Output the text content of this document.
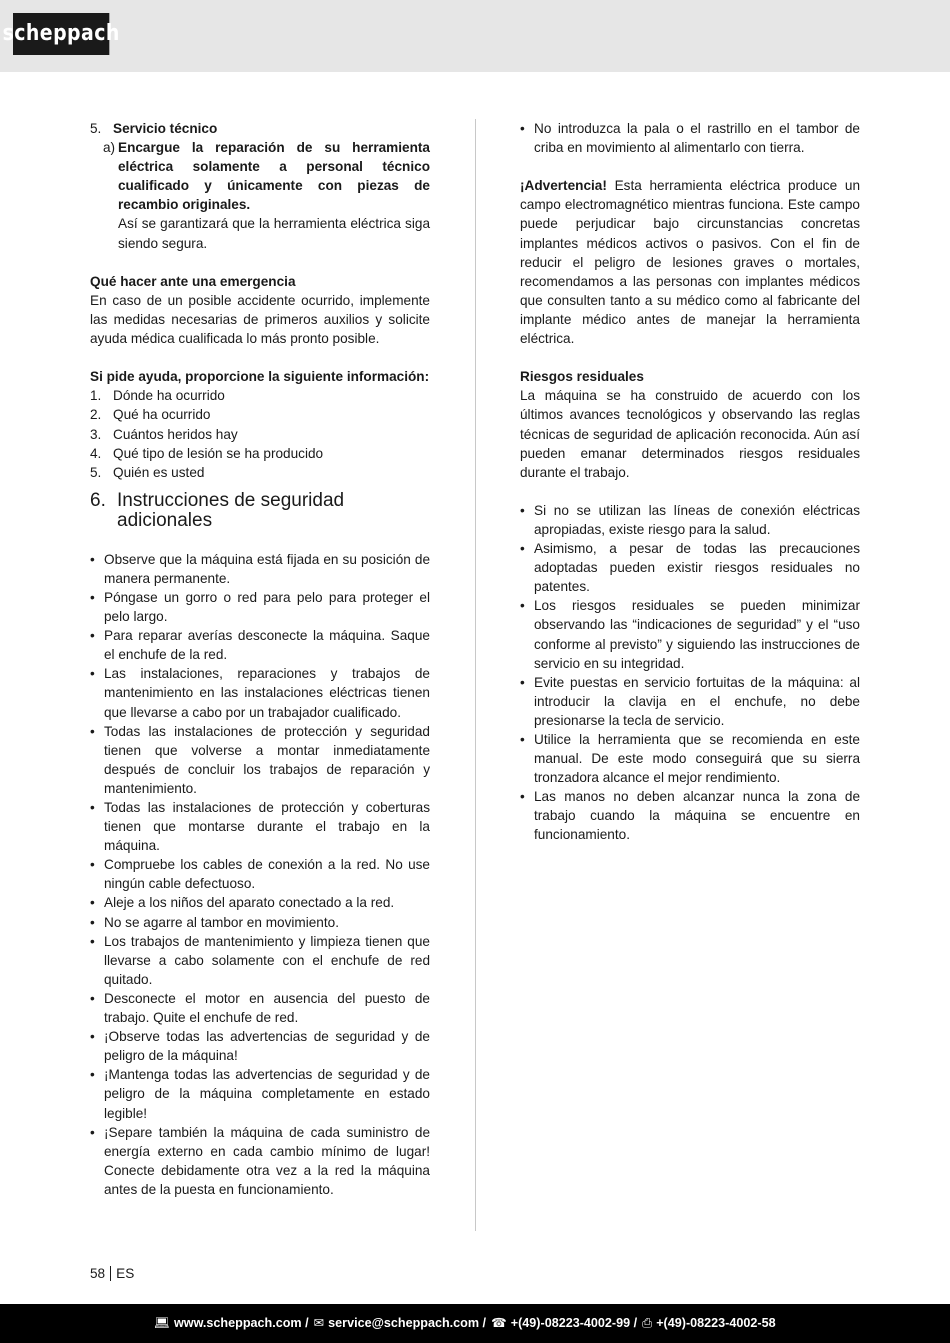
scheppach
5. Servicio técnico
a) Encargue la reparación de su herramienta eléctrica solamente a personal técnico cualificado y únicamente con piezas de recambio originales.

Así se garantizará que la herramienta eléctrica siga siendo segura.

Qué hacer ante una emergencia

En caso de un posible accidente ocurrido, implemente las medidas necesarias de primeros auxilios y solicite ayuda médica cualificada lo más pronto posible.

Si pide ayuda, proporcione la siguiente información:

1. Dónde ha ocurrido
2. Qué ha ocurrido
3. Cuántos heridos hay
4. Qué tipo de lesión se ha producido
5. Quién es usted
6. Instrucciones de seguridad adicionales
• Observe que la máquina está fijada en su posición de manera permanente.
• Póngase un gorro o red para pelo para proteger el pelo largo.
• Para reparar averías desconecte la máquina. Saque el enchufe de la red.
• Las instalaciones, reparaciones y trabajos de mantenimiento en las instalaciones eléctricas tienen que llevarse a cabo por un trabajador cualificado.
• Todas las instalaciones de protección y seguridad tienen que volverse a montar inmediatamente después de concluir los trabajos de reparación y mantenimiento.
• Todas las instalaciones de protección y coberturas tienen que montarse durante el trabajo en la máquina.
• Compruebe los cables de conexión a la red. No use ningún cable defectuoso.
• Aleje a los niños del aparato conectado a la red.
• No se agarre al tambor en movimiento.
• Los trabajos de mantenimiento y limpieza tienen que llevarse a cabo solamente con el enchufe de red quitado.
• Desconecte el motor en ausencia del puesto de trabajo. Quite el enchufe de red.
• ¡Observe todas las advertencias de seguridad y de peligro de la máquina!
• ¡Mantenga todas las advertencias de seguridad y de peligro de la máquina completamente en estado legible!
• ¡Separe también la máquina de cada suministro de energía externo en cada cambio mínimo de lugar! Conecte debidamente otra vez a la red la máquina antes de la puesta en funcionamiento.
• No introduzca la pala o el rastrillo en el tambor de criba en movimiento al alimentarlo con tierra.

¡Advertencia! Esta herramienta eléctrica produce un campo electromagnético mientras funciona. Este campo puede perjudicar bajo circunstancias concretas implantes médicos activos o pasivos. Con el fin de reducir el peligro de lesiones graves o mortales, recomendamos a las personas con implantes médicos que consulten tanto a su médico como al fabricante del implante médico antes de manejar la herramienta eléctrica.

Riesgos residuales

La máquina se ha construido de acuerdo con los últimos avances tecnológicos y observando las reglas técnicas de seguridad de aplicación reconocida. Aún así pueden emanar determinados riesgos residuales durante el trabajo.

• Si no se utilizan las líneas de conexión eléctricas apropiadas, existe riesgo para la salud.
• Asimismo, a pesar de todas las precauciones adoptadas pueden existir riesgos residuales no patentes.
• Los riesgos residuales se pueden minimizar observando las “indicaciones de seguridad” y el “uso conforme al previsto” y siguiendo las instrucciones de servicio en su integridad.
• Evite puestas en servicio fortuitas de la máquina: al introducir la clavija en el enchufe, no debe presionarse la tecla de servicio.
• Utilice la herramienta que se recomienda en este manual. De este modo conseguirá que su sierra tronzadora alcance el mejor rendimiento.
• Las manos no deben alcanzar nunca la zona de trabajo cuando la máquina se encuentre en funcionamiento.
58 ES
💻︎ www.scheppach.com / ✉︎ service@scheppach.com / ☎︎ +(49)-08223-4002-99 / ⎙ +(49)-08223-4002-58
